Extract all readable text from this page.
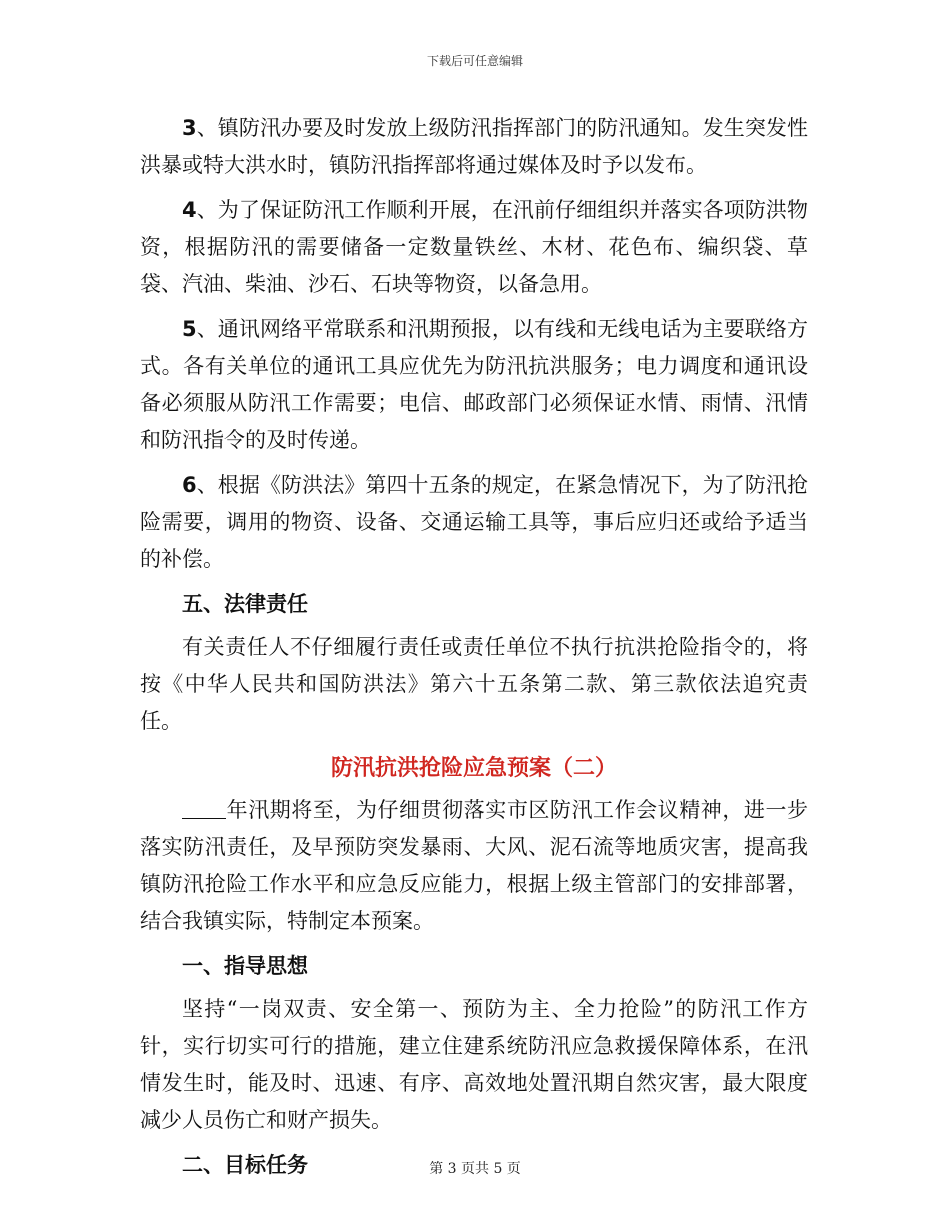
下载后可任意编辑

3、镇防汛办要及时发放上级防汛指挥部门的防汛通知。发生突发性洪暴或特大洪水时，镇防汛指挥部将通过媒体及时予以发布。

4、为了保证防汛工作顺利开展，在汛前仔细组织并落实各项防洪物资，根据防汛的需要储备一定数量铁丝、木材、花色布、编织袋、草袋、汽油、柴油、沙石、石块等物资，以备急用。

5、通讯网络平常联系和汛期预报，以有线和无线电话为主要联络方式。各有关单位的通讯工具应优先为防汛抗洪服务；电力调度和通讯设备必须服从防汛工作需要；电信、邮政部门必须保证水情、雨情、汛情和防汛指令的及时传递。

6、根据《防洪法》第四十五条的规定，在紧急情况下，为了防汛抢险需要，调用的物资、设备、交通运输工具等，事后应归还或给予适当的补偿。

五、法律责任

有关责任人不仔细履行责任或责任单位不执行抗洪抢险指令的，将按《中华人民共和国防洪法》第六十五条第二款、第三款依法追究责任。

防汛抗洪抢险应急预案（二）

年汛期将至，为仔细贯彻落实市区防汛工作会议精神，进一步落实防汛责任，及早预防突发暴雨、大风、泥石流等地质灾害，提高我镇防汛抢险工作水平和应急反应能力，根据上级主管部门的安排部署，结合我镇实际，特制定本预案。

一、指导思想

坚持“一岗双责、安全第一、预防为主、全力抢险”的防汛工作方针，实行切实可行的措施，建立住建系统防汛应急救援保障体系，在汛情发生时，能及时、迅速、有序、高效地处置汛期自然灾害，最大限度减少人员伤亡和财产损失。

二、目标任务	第 3 页共 5 页
